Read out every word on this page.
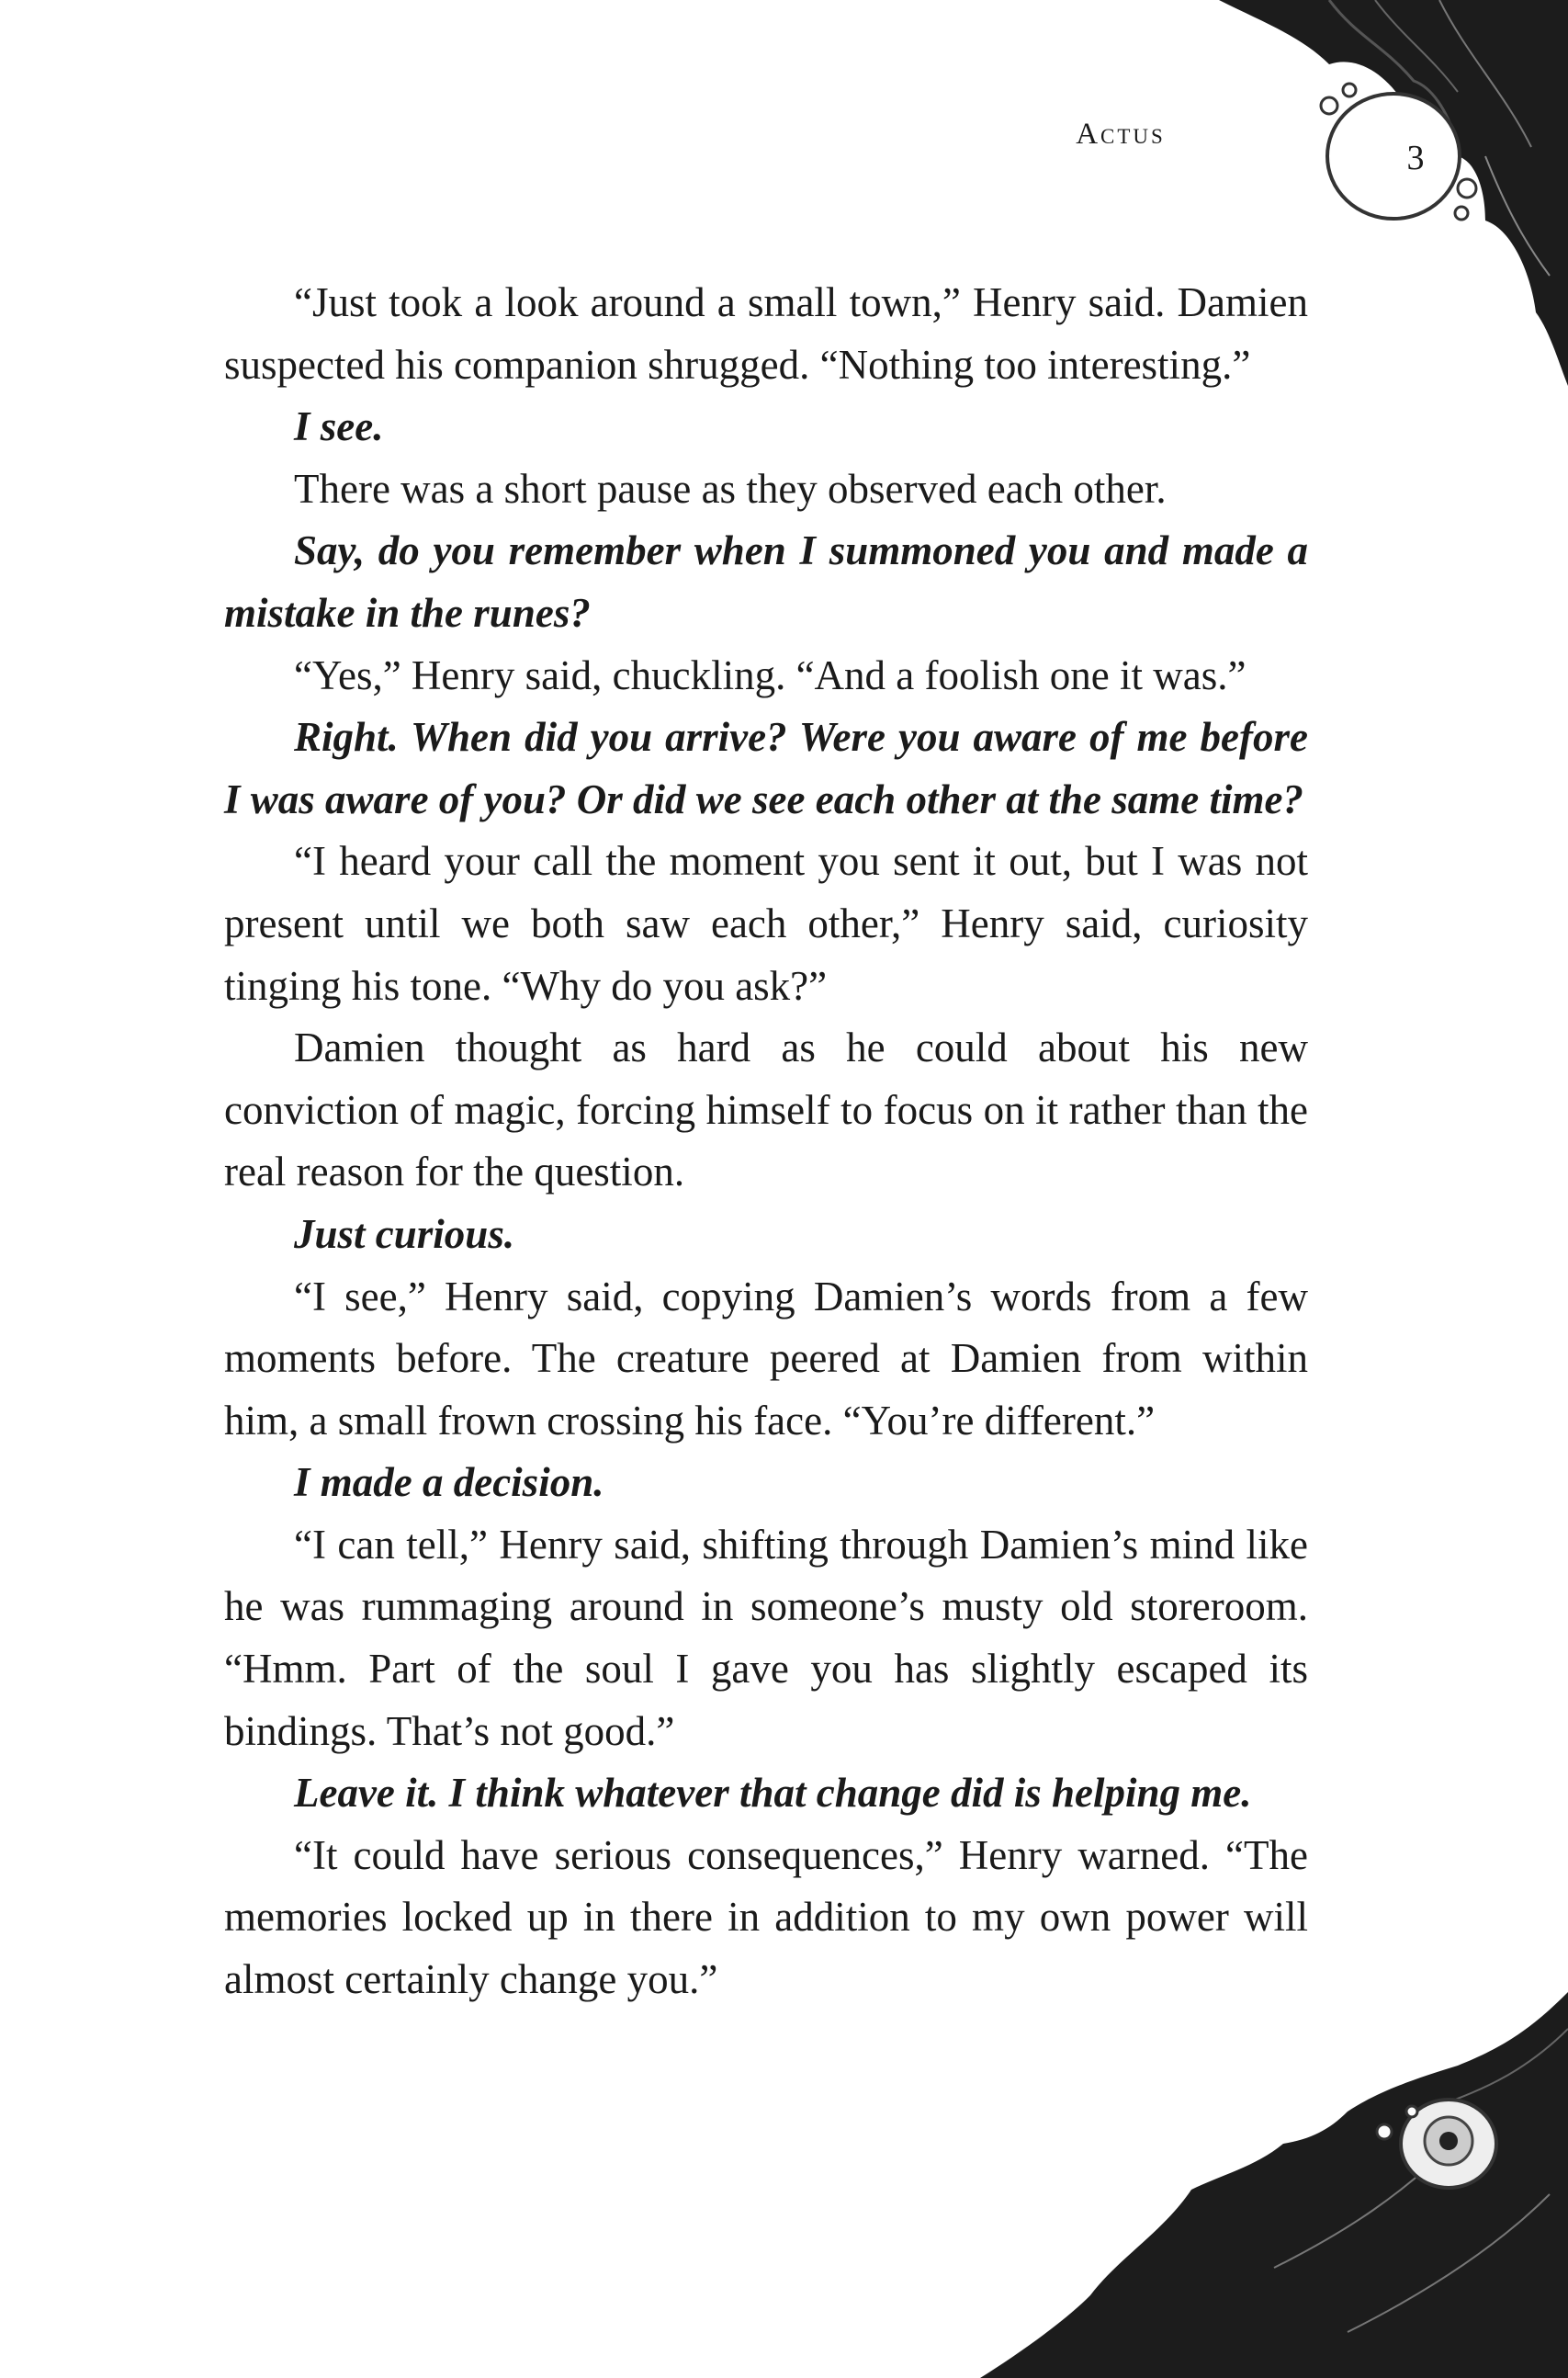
Actus
3

“Just took a look around a small town,” Henry said. Damien suspected his companion shrugged. “Nothing too interesting.”

I see.

There was a short pause as they observed each other.

Say, do you remember when I summoned you and made a mistake in the runes?

“Yes,” Henry said, chuckling. “And a foolish one it was.”

Right. When did you arrive? Were you aware of me before I was aware of you? Or did we see each other at the same time?

“I heard your call the moment you sent it out, but I was not present until we both saw each other,” Henry said, curiosity tinging his tone. “Why do you ask?”

Damien thought as hard as he could about his new conviction of magic, forcing himself to focus on it rather than the real reason for the question.

Just curious.

“I see,” Henry said, copying Damien’s words from a few moments before. The creature peered at Damien from within him, a small frown crossing his face. “You’re different.”

I made a decision.

“I can tell,” Henry said, shifting through Damien’s mind like he was rummaging around in someone’s musty old storeroom. “Hmm. Part of the soul I gave you has slightly escaped its bindings. That’s not good.”

Leave it. I think whatever that change did is helping me.

“It could have serious consequences,” Henry warned. “The memories locked up in there in addition to my own power will almost certainly change you.”
